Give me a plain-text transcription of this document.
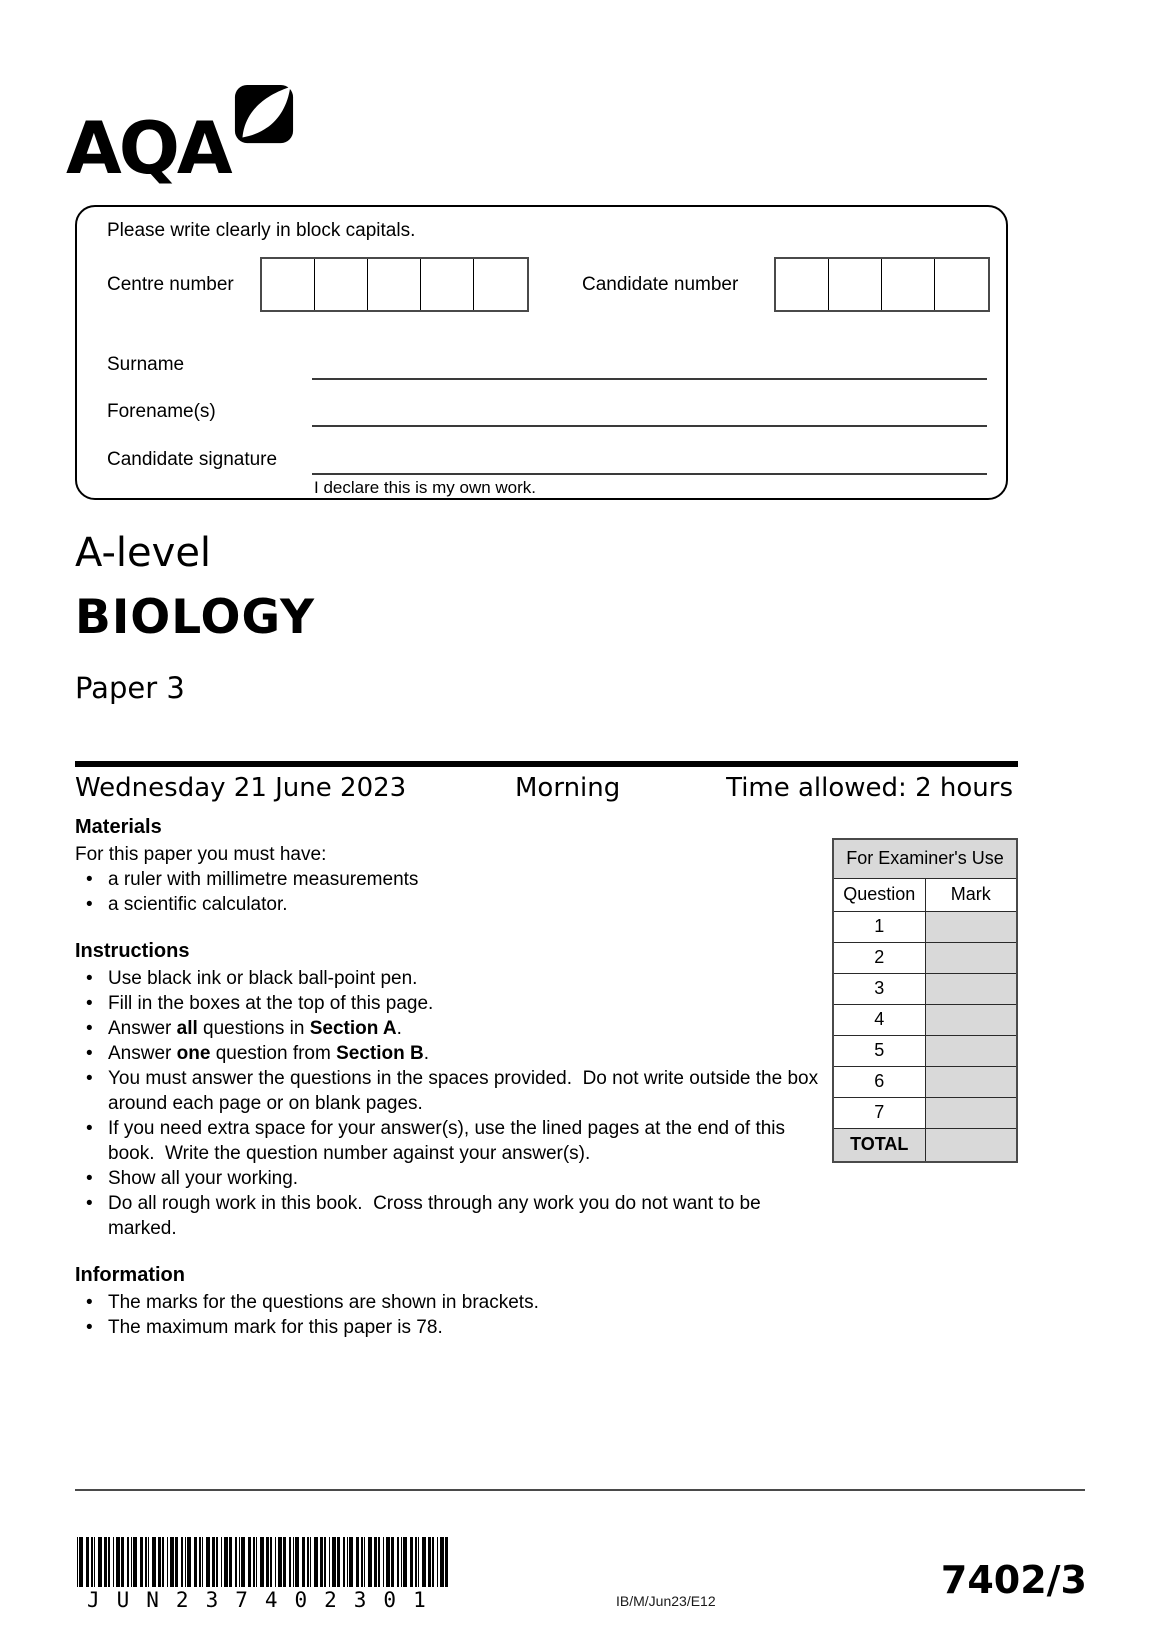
AQA
Please write clearly in block capitals.
Centre number	Candidate number
Surname
Forename(s)
Candidate signature
I declare this is my own work.
A-level
BIOLOGY
Paper 3
Wednesday 21 June 2023	Morning	Time allowed: 2 hours
Materials

For this paper you must have:

• a ruler with millimetre measurements
• a scientific calculator.
Instructions
• Use black ink or black ball-point pen.
• Fill in the boxes at the top of this page.
• Answer all questions in Section A.
• Answer one question from Section B.
• You must answer the questions in the spaces provided.  Do not write outside the box around each page or on blank pages.
• If you need extra space for your answer(s), use the lined pages at the end of this book.  Write the question number against your answer(s).
• Show all your working.
• Do all rough work in this book.  Cross through any work you do not want to be marked.
Information
• The marks for the questions are shown in brackets.
• The maximum mark for this paper is 78.
For Examiner's Use	
Question	Mark
1	
2	
3	
4	
5	
6	
7	
TOTAL	
JUN237402301	IB/M/Jun23/E12	7402/3
